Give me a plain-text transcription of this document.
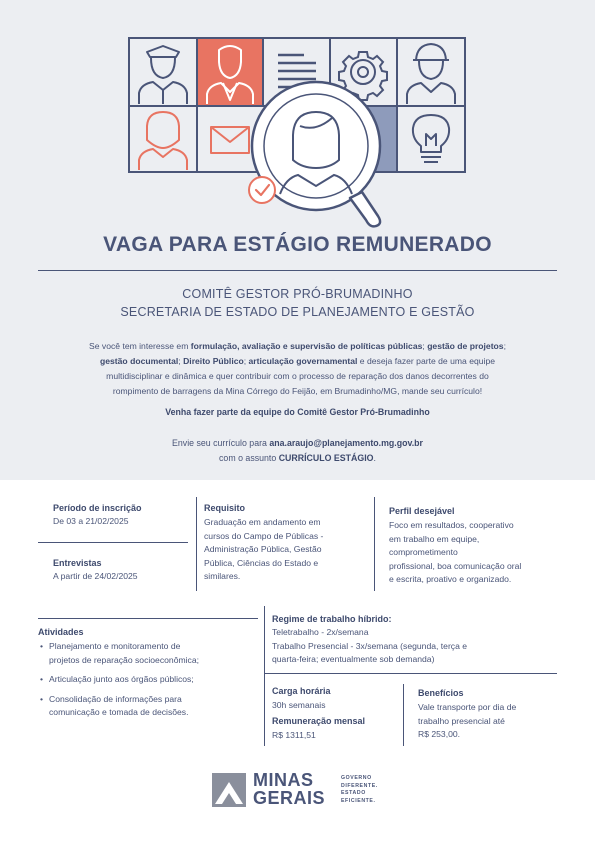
VAGA PARA ESTÁGIO REMUNERADO
COMITÊ GESTOR PRÓ-BRUMADINHO
SECRETARIA DE ESTADO DE PLANEJAMENTO E GESTÃO
Se você tem interesse em formulação, avaliação e supervisão de políticas públicas; gestão de projetos;
gestão documental; Direito Público; articulação governamental e deseja fazer parte de uma equipe
multidisciplinar e dinâmica e quer contribuir com o processo de reparação dos danos decorrentes do
rompimento de barragens da Mina Córrego do Feijão, em Brumadinho/MG, mande seu currículo!
Venha fazer parte da equipe do Comitê Gestor Pró-Brumadinho
Envie seu currículo para ana.araujo@planejamento.mg.gov.br
com o assunto CURRÍCULO ESTÁGIO.
Período de inscrição
De 03 a 21/02/2025
Entrevistas
A partir de 24/02/2025
Requisito
Graduação em andamento em
cursos do Campo de Públicas -
Administração Pública, Gestão
Pública, Ciências do Estado e
similares.
Perfil desejável
Foco em resultados, cooperativo
em trabalho em equipe,
comprometimento
profissional, boa comunicação oral
e escrita, proativo e organizado.
Atividades
• Planejamento e monitoramento de
projetos de reparação socioeconômica;
• Articulação junto aos órgãos públicos;
• Consolidação de informações para
comunicação e tomada de decisões.
Regime de trabalho híbrido:
Teletrabalho - 2x/semana
Trabalho Presencial - 3x/semana (segunda, terça e
quarta-feira; eventualmente sob demanda)
Carga horária
30h semanais
Remuneração mensal
R$ 1311,51
Benefícios
Vale transporte por dia de
trabalho presencial até
R$ 253,00.
MINAS
GERAIS
GOVERNO
DIFERENTE.
ESTADO
EFICIENTE.
